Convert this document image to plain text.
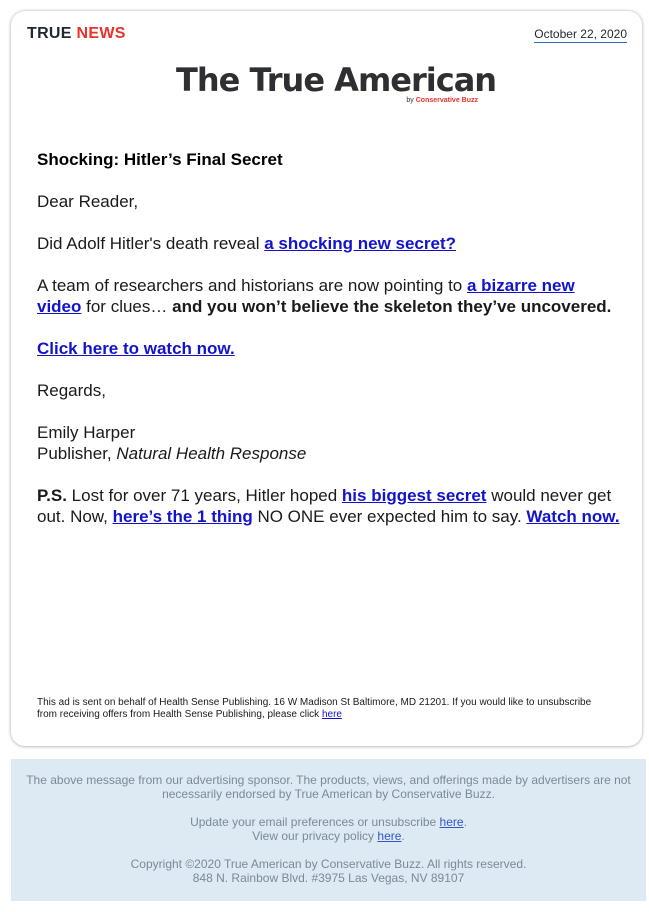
TRUE NEWS	October 22, 2020
The True American
by Conservative Buzz

Shocking: Hitler’s Final Secret

Dear Reader,

Did Adolf Hitler's death reveal a shocking new secret?

A team of researchers and historians are now pointing to a bizarre new video for clues… and you won’t believe the skeleton they’ve uncovered.

Click here to watch now.

Regards,

Emily Harper
Publisher, Natural Health Response

P.S. Lost for over 71 years, Hitler hoped his biggest secret would never get out. Now, here’s the 1 thing NO ONE ever expected him to say. Watch now.

This ad is sent on behalf of Health Sense Publishing. 16 W Madison St Baltimore, MD 21201. If you would like to unsubscribe from receiving offers from Health Sense Publishing, please click here

The above message from our advertising sponsor. The products, views, and offerings made by advertisers are not necessarily endorsed by True American by Conservative Buzz.

Update your email preferences or unsubscribe here.

View our privacy policy here.

Copyright ©2020 True American by Conservative Buzz. All rights reserved.

848 N. Rainbow Blvd. #3975 Las Vegas, NV 89107
